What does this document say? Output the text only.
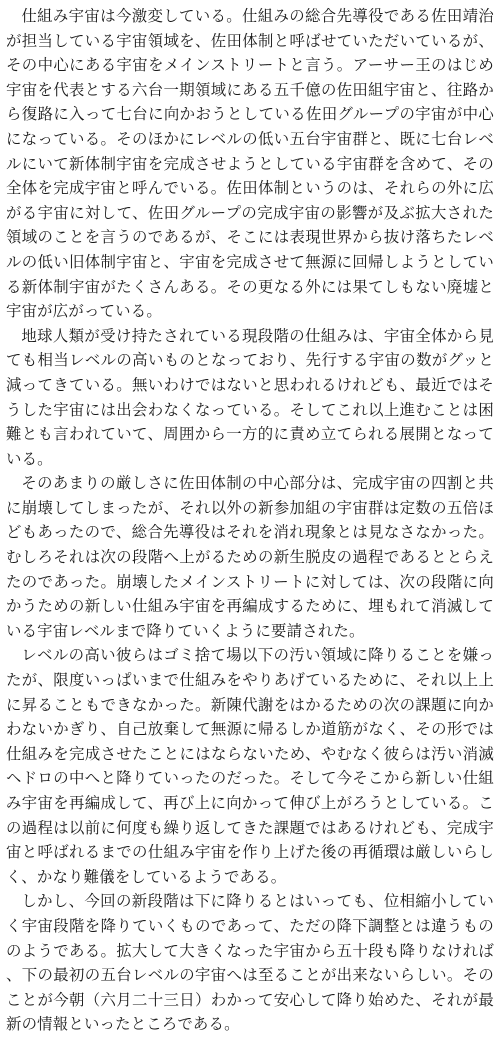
仕組み宇宙は今激変している。仕組みの総合先導役である佐田靖治が担当している宇宙領域を、佐田体制と呼ばせていただいているが、その中心にある宇宙をメインストリートと言う。アーサー王のはじめ宇宙を代表とする六台一期領域にある五千億の佐田組宇宙と、往路から復路に入って七台に向かおうとしている佐田グループの宇宙が中心になっている。そのほかにレベルの低い五台宇宙群と、既に七台レベルにいて新体制宇宙を完成させようとしている宇宙群を含めて、その全体を完成宇宙と呼んでいる。佐田体制というのは、それらの外に広がる宇宙に対して、佐田グループの完成宇宙の影響が及ぶ拡大された領域のことを言うのであるが、そこには表現世界から抜け落ちたレベルの低い旧体制宇宙と、宇宙を完成させて無源に回帰しようとしている新体制宇宙がたくさんある。その更なる外には果てしもない廃墟と宇宙が広がっている。

地球人類が受け持たされている現段階の仕組みは、宇宙全体から見ても相当レベルの高いものとなっており、先行する宇宙の数がグッと減ってきている。無いわけではないと思われるけれども、最近ではそうした宇宙には出会わなくなっている。そしてこれ以上進むことは困難とも言われていて、周囲から一方的に責め立てられる展開となっている。

そのあまりの厳しさに佐田体制の中心部分は、完成宇宙の四割と共に崩壊してしまったが、それ以外の新参加組の宇宙群は定数の五倍ほどもあったので、総合先導役はそれを消れ現象とは見なさなかった。むしろそれは次の段階へ上がるための新生脱皮の過程であるととらえたのであった。崩壊したメインストリートに対しては、次の段階に向かうための新しい仕組み宇宙を再編成するために、埋もれて消滅している宇宙レベルまで降りていくように要請された。

レベルの高い彼らはゴミ捨て場以下の汚い領域に降りることを嫌ったが、限度いっぱいまで仕組みをやりあげているために、それ以上上に昇ることもできなかった。新陳代謝をはかるための次の課題に向かわないかぎり、自己放棄して無源に帰るしか道筋がなく、その形では仕組みを完成させたことにはならないため、やむなく彼らは汚い消滅ヘドロの中へと降りていったのだった。そして今そこから新しい仕組み宇宙を再編成して、再び上に向かって伸び上がろうとしている。この過程は以前に何度も繰り返してきた課題ではあるけれども、完成宇宙と呼ばれるまでの仕組み宇宙を作り上げた後の再循環は厳しいらしく、かなり難儀をしているようである。

しかし、今回の新段階は下に降りるとはいっても、位相縮小していく宇宙段階を降りていくものであって、ただの降下調整とは違うもののようである。拡大して大きくなった宇宙から五十段も降りなければ、下の最初の五台レベルの宇宙へは至ることが出来ないらしい。そのことが今朝（六月二十三日）わかって安心して降り始めた、それが最新の情報といったところである。
